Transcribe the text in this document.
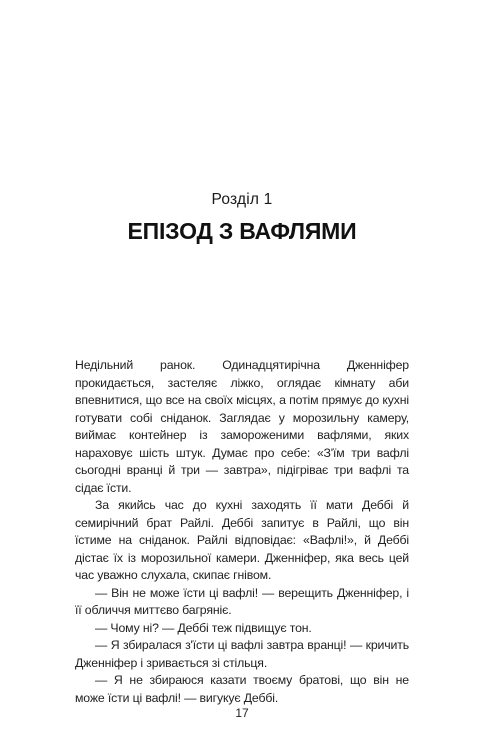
Розділ 1
ЕПІЗОД З ВАФЛЯМИ

Недільний ранок. Одинадцятирічна Дженніфер прокидається, застеляє ліжко, оглядає кімнату аби впевнитися, що все на своїх місцях, а потім прямує до кухні готувати собі сніданок. Заглядає у морозильну камеру, виймає контейнер із замороженими вафлями, яких нараховує шість штук. Думає про себе: «З'їм три вафлі сьогодні вранці й три — завтра», підігріває три вафлі та сідає їсти.

За якийсь час до кухні заходять її мати Деббі й семирічний брат Райлі. Деббі запитує в Райлі, що він їстиме на сніданок. Райлі відповідає: «Вафлі!», й Деббі дістає їх із морозильної камери. Дженніфер, яка весь цей час уважно слухала, скипає гнівом.

— Він не може їсти ці вафлі! — верещить Дженніфер, і її обличчя миттєво багряніє.

— Чому ні? — Деббі теж підвищує тон.

— Я збиралася з'їсти ці вафлі завтра вранці! — кричить Дженніфер і зривається зі стільця.

— Я не збираюся казати твоєму братові, що він не може їсти ці вафлі! — вигукує Деббі.

17
